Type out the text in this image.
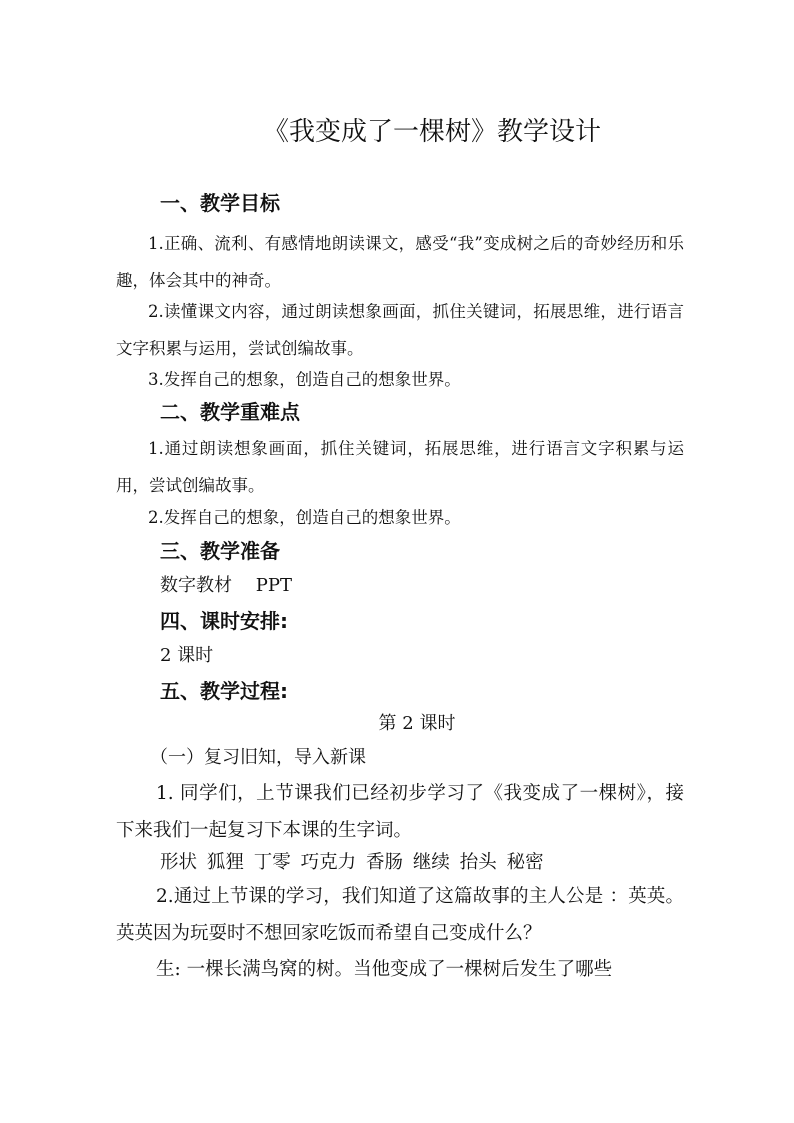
《我变成了一棵树》教学设计
一、教学目标
1.正确、流利、有感情地朗读课文，感受“我”变成树之后的奇妙经历和乐趣，体会其中的神奇。
2.读懂课文内容，通过朗读想象画面，抓住关键词，拓展思维，进行语言文字积累与运用，尝试创编故事。
3.发挥自己的想象，创造自己的想象世界。
二、教学重难点
1.通过朗读想象画面，抓住关键词，拓展思维，进行语言文字积累与运用，尝试创编故事。
2.发挥自己的想象，创造自己的想象世界。
三、教学准备
数字教材　 PPT
四、课时安排:
2 课时
五、教学过程:
第 2 课时
（一）复习旧知，导入新课
1. 同学们，上节课我们已经初步学习了《我变成了一棵树》，接下来我们一起复习下本课的生字词。
形状 狐狸 丁零 巧克力 香肠 继续 抬头 秘密
2.通过上节课的学习，我们知道了这篇故事的主人公是 ：英英。英英因为玩耍时不想回家吃饭而希望自己变成什么？
生: 一棵长满鸟窝的树。当他变成了一棵树后发生了哪些
